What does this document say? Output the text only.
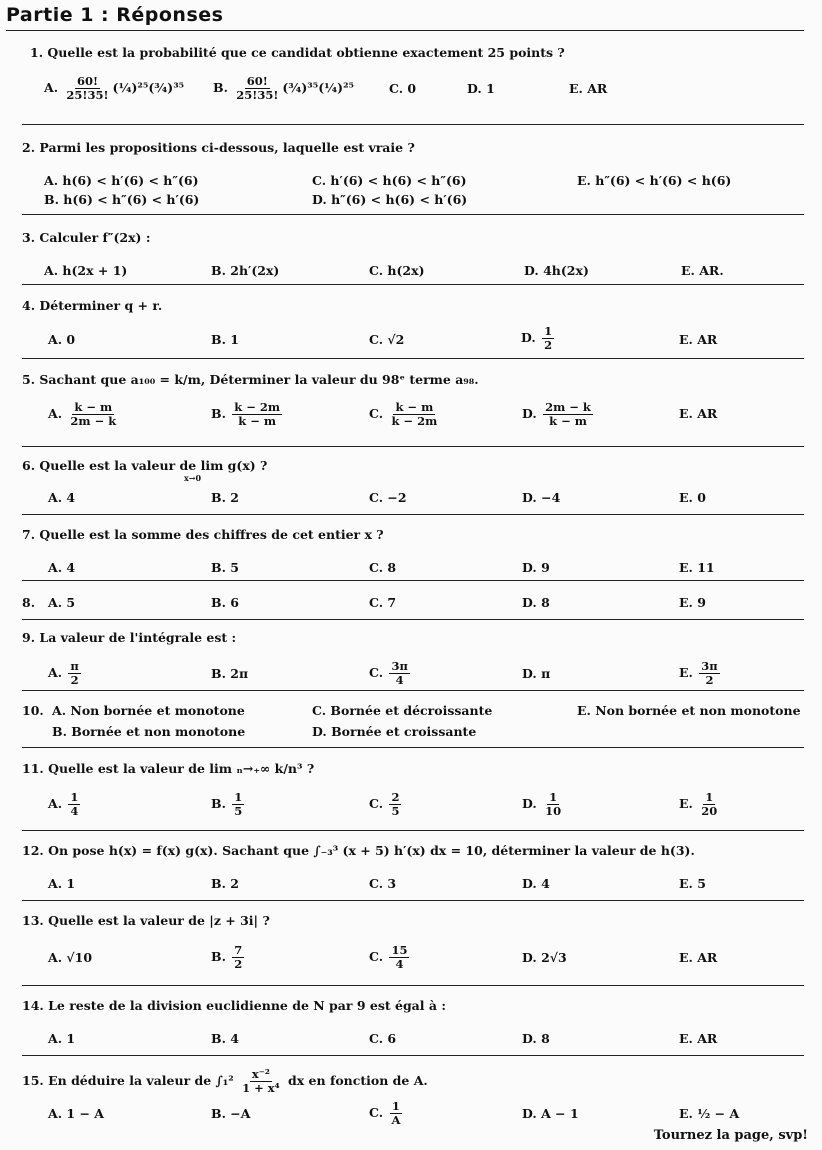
Partie 1 : Réponses
1. Quelle est la probabilité que ce candidat obtienne exactement 25 points ?
A. $\frac{60!}{25!35!}$ (¼)²⁵(¾)³⁵ B. $\frac{60!}{25!35!}$ (¾)³⁵(¼)²⁵	C. 0	D. 1	E. AR
2. Parmi les propositions ci-dessous, laquelle est vraie ?
A. h(6) < h′(6) < h″(6)
B. h(6) < h″(6) < h′(6)
C. h′(6) < h(6) < h″(6)
D. h″(6) < h(6) < h′(6)
E. h″(6) < h′(6) < h(6)
3. Calculer f″(2x) :
A. h(2x + 1)	B. 2h′(2x)	C. h(2x)	D. 4h(2x)	E. AR.
4. Déterminer q + r.
A. 0	B. 1	C. √2	D. $\frac{1}{2}$	E. AR
5. Sachant que a₁₀₀ = k/m, Déterminer la valeur du 98ᵉ terme a₉₈.
A. $\frac{k - m}{2m - k}$	B. $\frac{k - 2m}{k - m}$	C. $\frac{k - m}{k - 2m}$	D. $\frac{2m - k}{k - m}$	E. AR
6. Quelle est la valeur de lim g(x) ?
x→0
A. 4	B. 2	C. −2	D. −4	E. 0
7. Quelle est la somme des chiffres de cet entier x ?
A. 4	B. 5	C. 8	D. 9	E. 11
8. A. 5	B. 6	C. 7	D. 8	E. 9
9. La valeur de l'intégrale est :
A. $\frac{\pi}{2}$	B. 2π	C. $\frac{3\pi}{4}$	D. π	E. $\frac{3\pi}{2}$
10. A. Non bornée et monotone
B. Bornée et non monotone
C. Bornée et décroissante
D. Bornée et croissante
E. Non bornée et non monotone
11. Quelle est la valeur de lim ₙ→₊∞ k/n³ ?
A. $\frac{1}{4}$	B. $\frac{1}{5}$	C. $\frac{2}{5}$	D. $\frac{1}{10}$	E. $\frac{1}{20}$
12. On pose h(x) = f(x) g(x). Sachant que ∫₋₃³ (x + 5) h′(x) dx = 10, déterminer la valeur de h(3).
A. 1	B. 2	C. 3	D. 4	E. 5
13. Quelle est la valeur de |z + 3i| ?
A. √10	B. $\frac{7}{2}$	C. $\frac{15}{4}$	D. 2√3	E. AR
14. Le reste de la division euclidienne de N par 9 est égal à :
A. 1	B. 4	C. 6	D. 8	E. AR
15. En déduire la valeur de $\int_1^2 \frac{\text{x⁻²}}{\text{1 + x⁴}}$ dx en fonction de A.
A. 1 − A	B. −A	C. $\frac{1}{A}$	D. A − 1	E. ½ − A
Tournez la page, svp!
